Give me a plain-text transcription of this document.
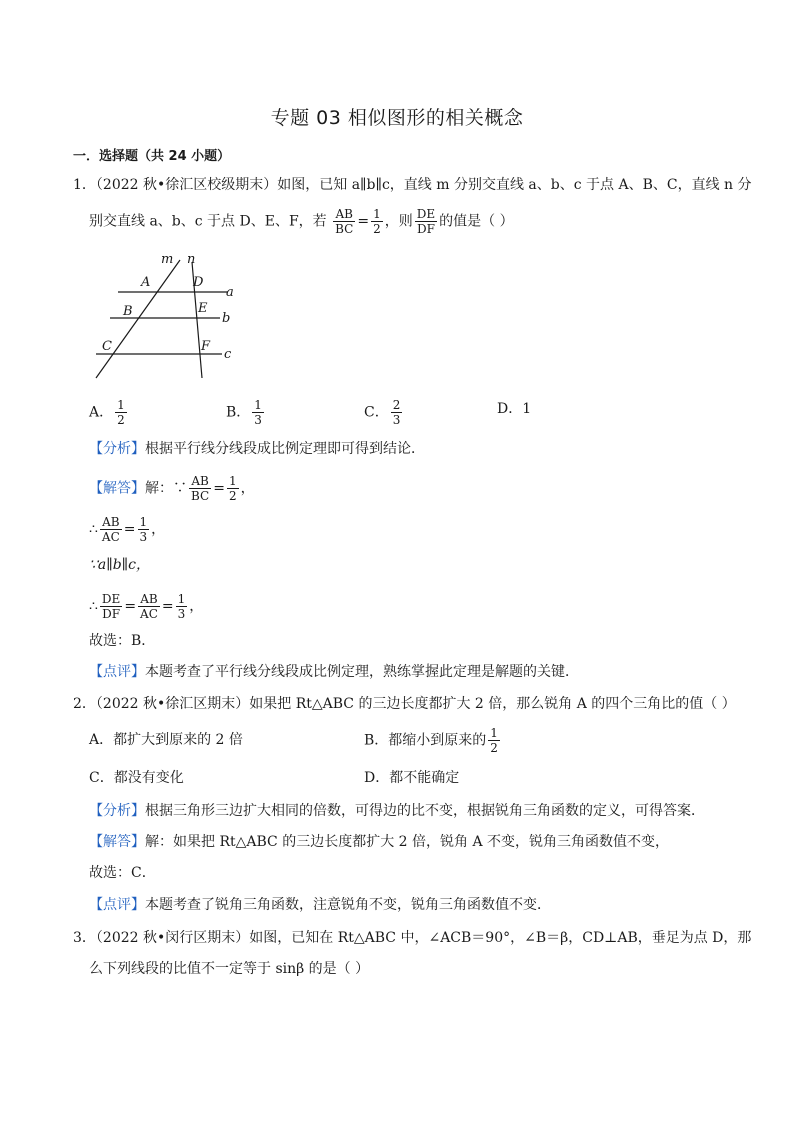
专题 03 相似图形的相关概念
一．选择题（共 24 小题）
1．（2022 秋•徐汇区校级期末）如图，已知 a∥b∥c，直线 m 分别交直线 a、b、c 于点 A、B、C，直线 n 分
别交直线 a、b、c 于点 D、E、F，若 $\frac{AB}{BC} = \frac{1}{2}$ ，则 $\frac{DE}{DF}$ 的值是（ ）
m n
a
b
c
A
B
C
D
E
F
A． $\frac{1}{2}$	B． $\frac{1}{3}$	C． $\frac{2}{3}$	D．1
【分析】根据平行线分线段成比例定理即可得到结论．
【解答】解：∵ $\frac{AB}{BC} = \frac{1}{2}$ ，
∴ $\frac{AB}{AC} = \frac{1}{3}$ ，
∵a∥b∥c，
∴ $\frac{DE}{DF} = \frac{AB}{AC} = \frac{1}{3}$ ，
故选：B．
【点评】本题考查了平行线分线段成比例定理，熟练掌握此定理是解题的关键．
2．（2022 秋•徐汇区期末）如果把 Rt△ABC 的三边长度都扩大 2 倍，那么锐角 A 的四个三角比的值（ ）
A．都扩大到原来的 2 倍	B．都缩小到原来的 $\frac{1}{2}$
C．都没有变化	D．都不能确定
【分析】根据三角形三边扩大相同的倍数，可得边的比不变，根据锐角三角函数的定义，可得答案．
【解答】解：如果把 Rt△ABC 的三边长度都扩大 2 倍，锐角 A 不变，锐角三角函数值不变，
故选：C．
【点评】本题考查了锐角三角函数，注意锐角不变，锐角三角函数值不变．
3．（2022 秋•闵行区期末）如图，已知在 Rt△ABC 中，∠ACB＝90°，∠B＝β，CD⊥AB，垂足为点 D，那
么下列线段的比值不一定等于 sinβ 的是（ ）
